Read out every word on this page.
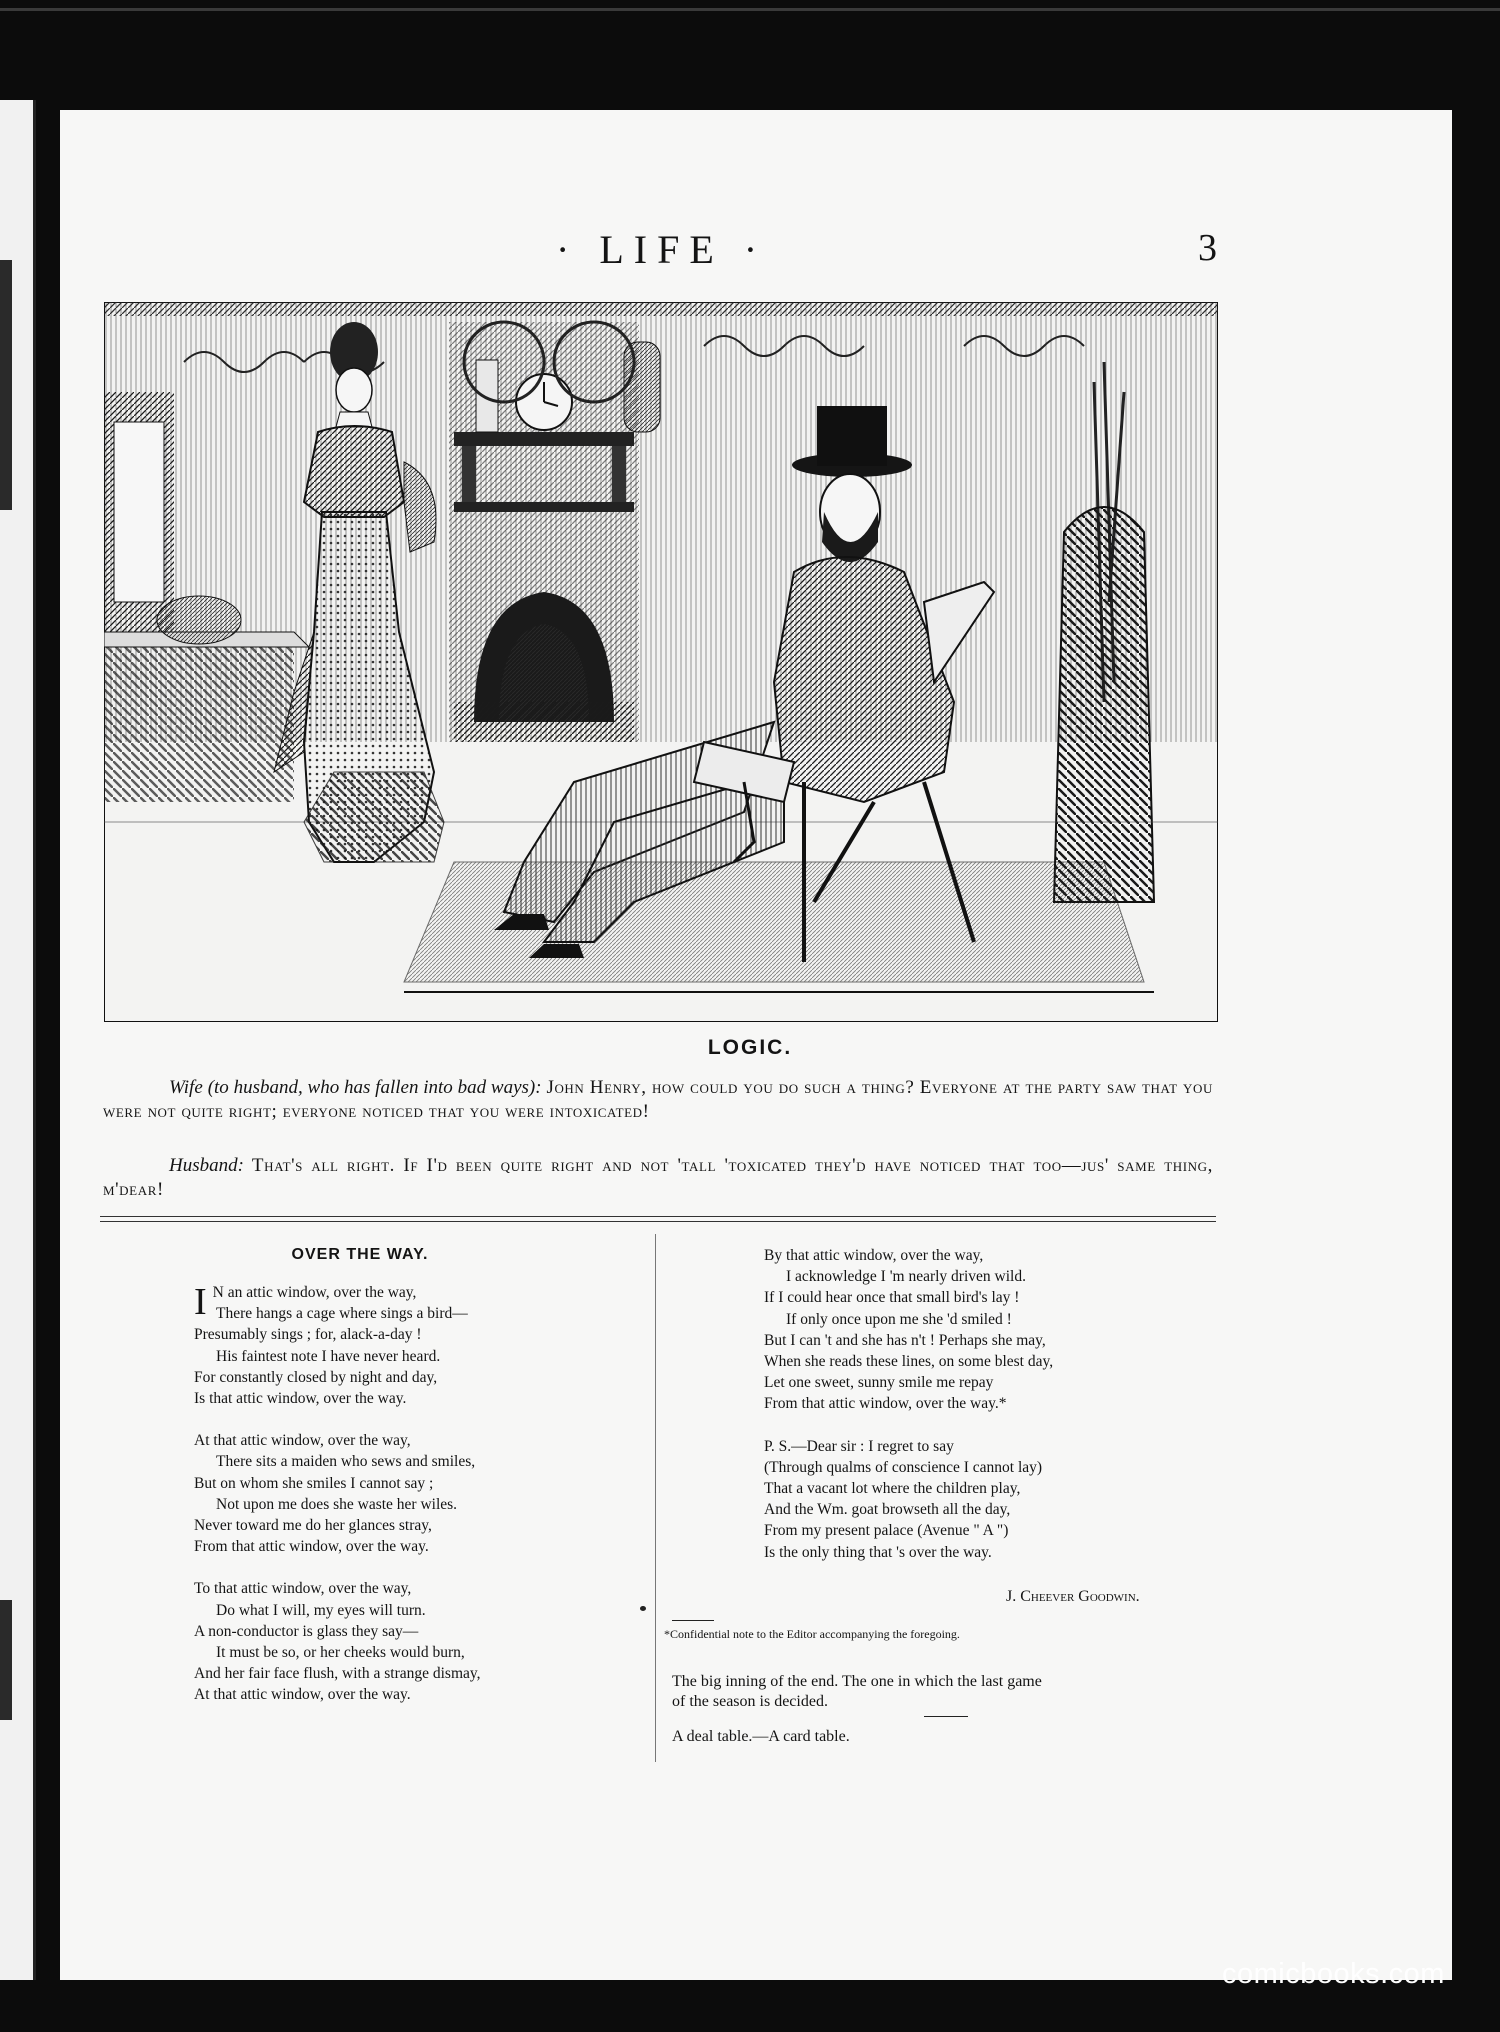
· LIFE ·	3
LOGIC.
Wife (to husband, who has fallen into bad ways): John Henry, how could you do such a thing? Everyone at the party saw that you were not quite right; everyone noticed that you were intoxicated!
Husband: That's all right. If I'd been quite right and not 'tall 'toxicated they'd have noticed that too—jus' same thing, m'dear!
OVER THE WAY.
I N an attic window, over the way,
There hangs a cage where sings a bird—
Presumably sings ; for, alack-a-day !
His faintest note I have never heard.
For constantly closed by night and day,
Is that attic window, over the way.
At that attic window, over the way,
There sits a maiden who sews and smiles,
But on whom she smiles I cannot say ;
Not upon me does she waste her wiles.
Never toward me do her glances stray,
From that attic window, over the way.
To that attic window, over the way,
Do what I will, my eyes will turn.
A non-conductor is glass they say—
It must be so, or her cheeks would burn,
And her fair face flush, with a strange dismay,
At that attic window, over the way.
By that attic window, over the way,
I acknowledge I 'm nearly driven wild.
If I could hear once that small bird's lay !
If only once upon me she 'd smiled !
But I can 't and she has n't ! Perhaps she may,
When she reads these lines, on some blest day,
Let one sweet, sunny smile me repay
From that attic window, over the way.*
P. S.—Dear sir : I regret to say
(Through qualms of conscience I cannot lay)
That a vacant lot where the children play,
And the Wm. goat browseth all the day,
From my present palace (Avenue " A ")
Is the only thing that 's over the way.
J. Cheever Goodwin.
*Confidential note to the Editor accompanying the foregoing.
The big inning of the end. The one in which the last game
of the season is decided.
A deal table.—A card table.
comicbooks.com
